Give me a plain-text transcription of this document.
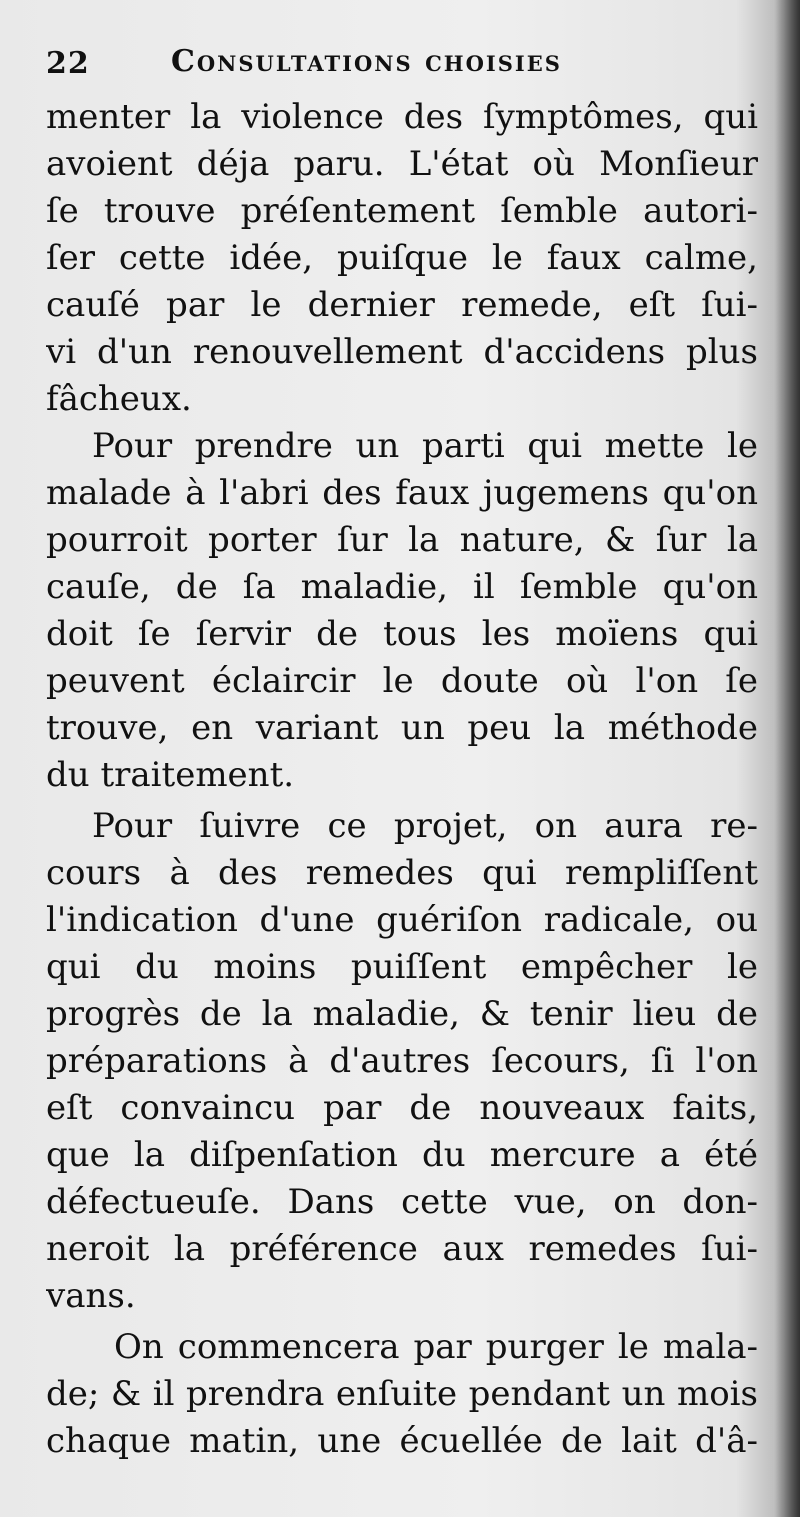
22	Consultations choisies
menter la violence des ſymptômes, qui
avoient déja paru. L'état où Monſieur
ſe trouve préſentement ſemble autori-
ſer cette idée, puiſque le faux calme,
cauſé par le dernier remede, eſt ſui-
vi d'un renouvellement d'accidens plus
fâcheux.
Pour prendre un parti qui mette le
malade à l'abri des faux jugemens qu'on
pourroit porter ſur la nature, & ſur la
cauſe, de ſa maladie, il ſemble qu'on
doit ſe ſervir de tous les moïens qui
peuvent éclaircir le doute où l'on ſe
trouve, en variant un peu la méthode
du traitement.
Pour ſuivre ce projet, on aura re-
cours à des remedes qui rempliſſent
l'indication d'une guériſon radicale, ou
qui du moins puiſſent empêcher le
progrès de la maladie, & tenir lieu de
préparations à d'autres ſecours, ſi l'on
eſt convaincu par de nouveaux faits,
que la diſpenſation du mercure a été
défectueuſe. Dans cette vue, on don-
neroit la préférence aux remedes ſui-
vans.
On commencera par purger le mala-
de; & il prendra enſuite pendant un mois
chaque matin, une écuellée de lait d'â-
